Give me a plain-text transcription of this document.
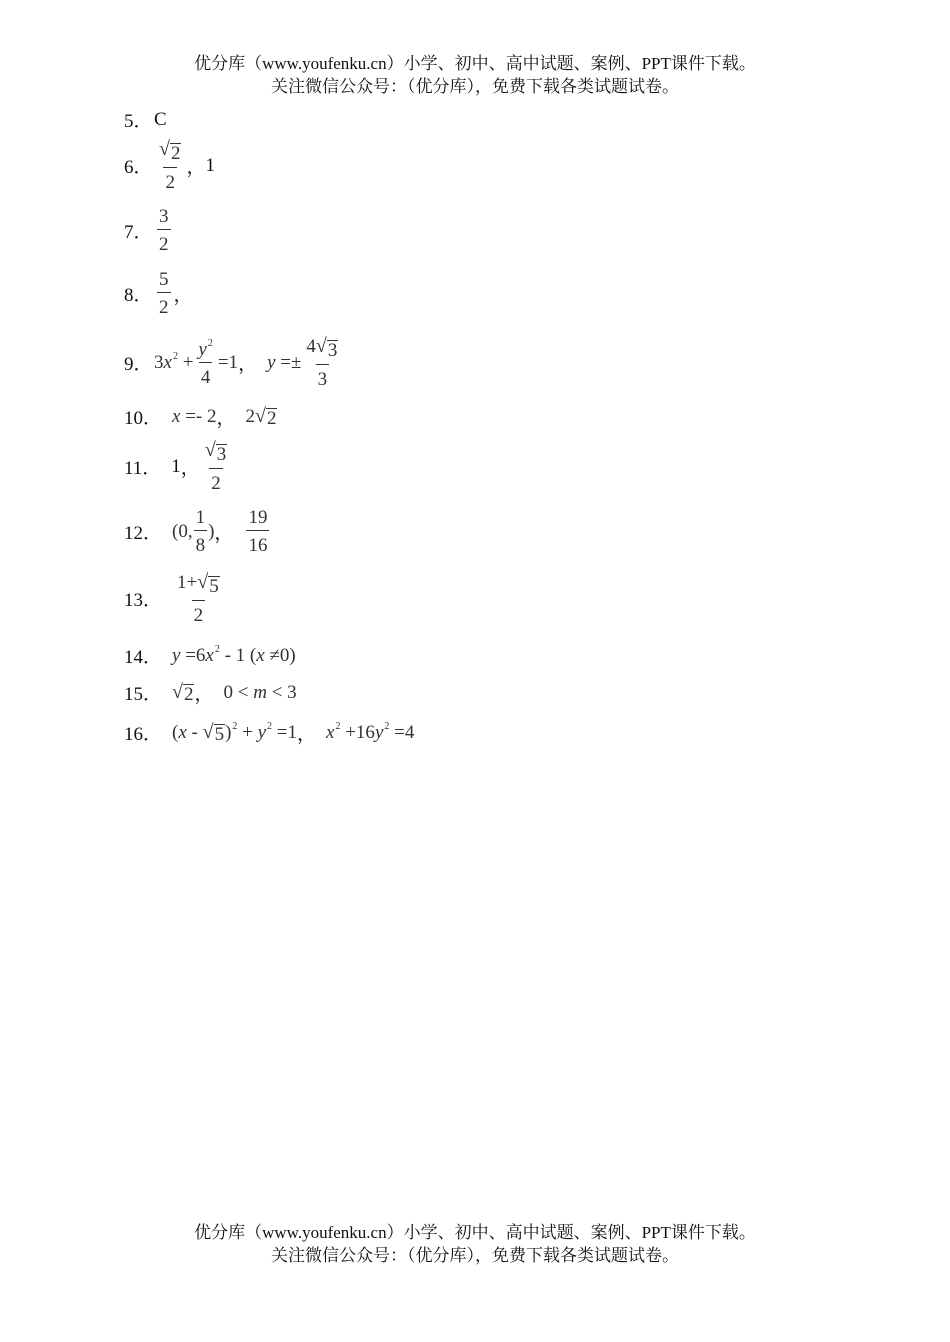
优分库（www.youfenku.cn）小学、初中、高中试题、案例、PPT课件下载。
关注微信公众号：（优分库），免费下载各类试题试卷。
5． C
6． $\frac{√ 2}{2}$ ， 1
7． $\frac{3}{2}$
8． $\frac{5}{2}$ ，
9． $3x^2 + \frac{y^2}{4} =1$ ， $y =\pm \frac{4 √ 3}{3}$
10． x =- 2 ， 2 √ 2
11． 1 ， $\frac{√ 3}{2}$
12． (0, $\frac{1}{8}$ ) ， $\frac{19}{16}$
13． $\frac{1+ √ 5}{2}$
14． $y =6x^2 - 1$ (x ≠0)
15． √ 2 ， 0 < m < 3
16． (x - √ 5 )$^2 + y^2 =1$ ， $x^2 +16y^2 =4$
优分库（www.youfenku.cn）小学、初中、高中试题、案例、PPT课件下载。
关注微信公众号：（优分库），免费下载各类试题试卷。
